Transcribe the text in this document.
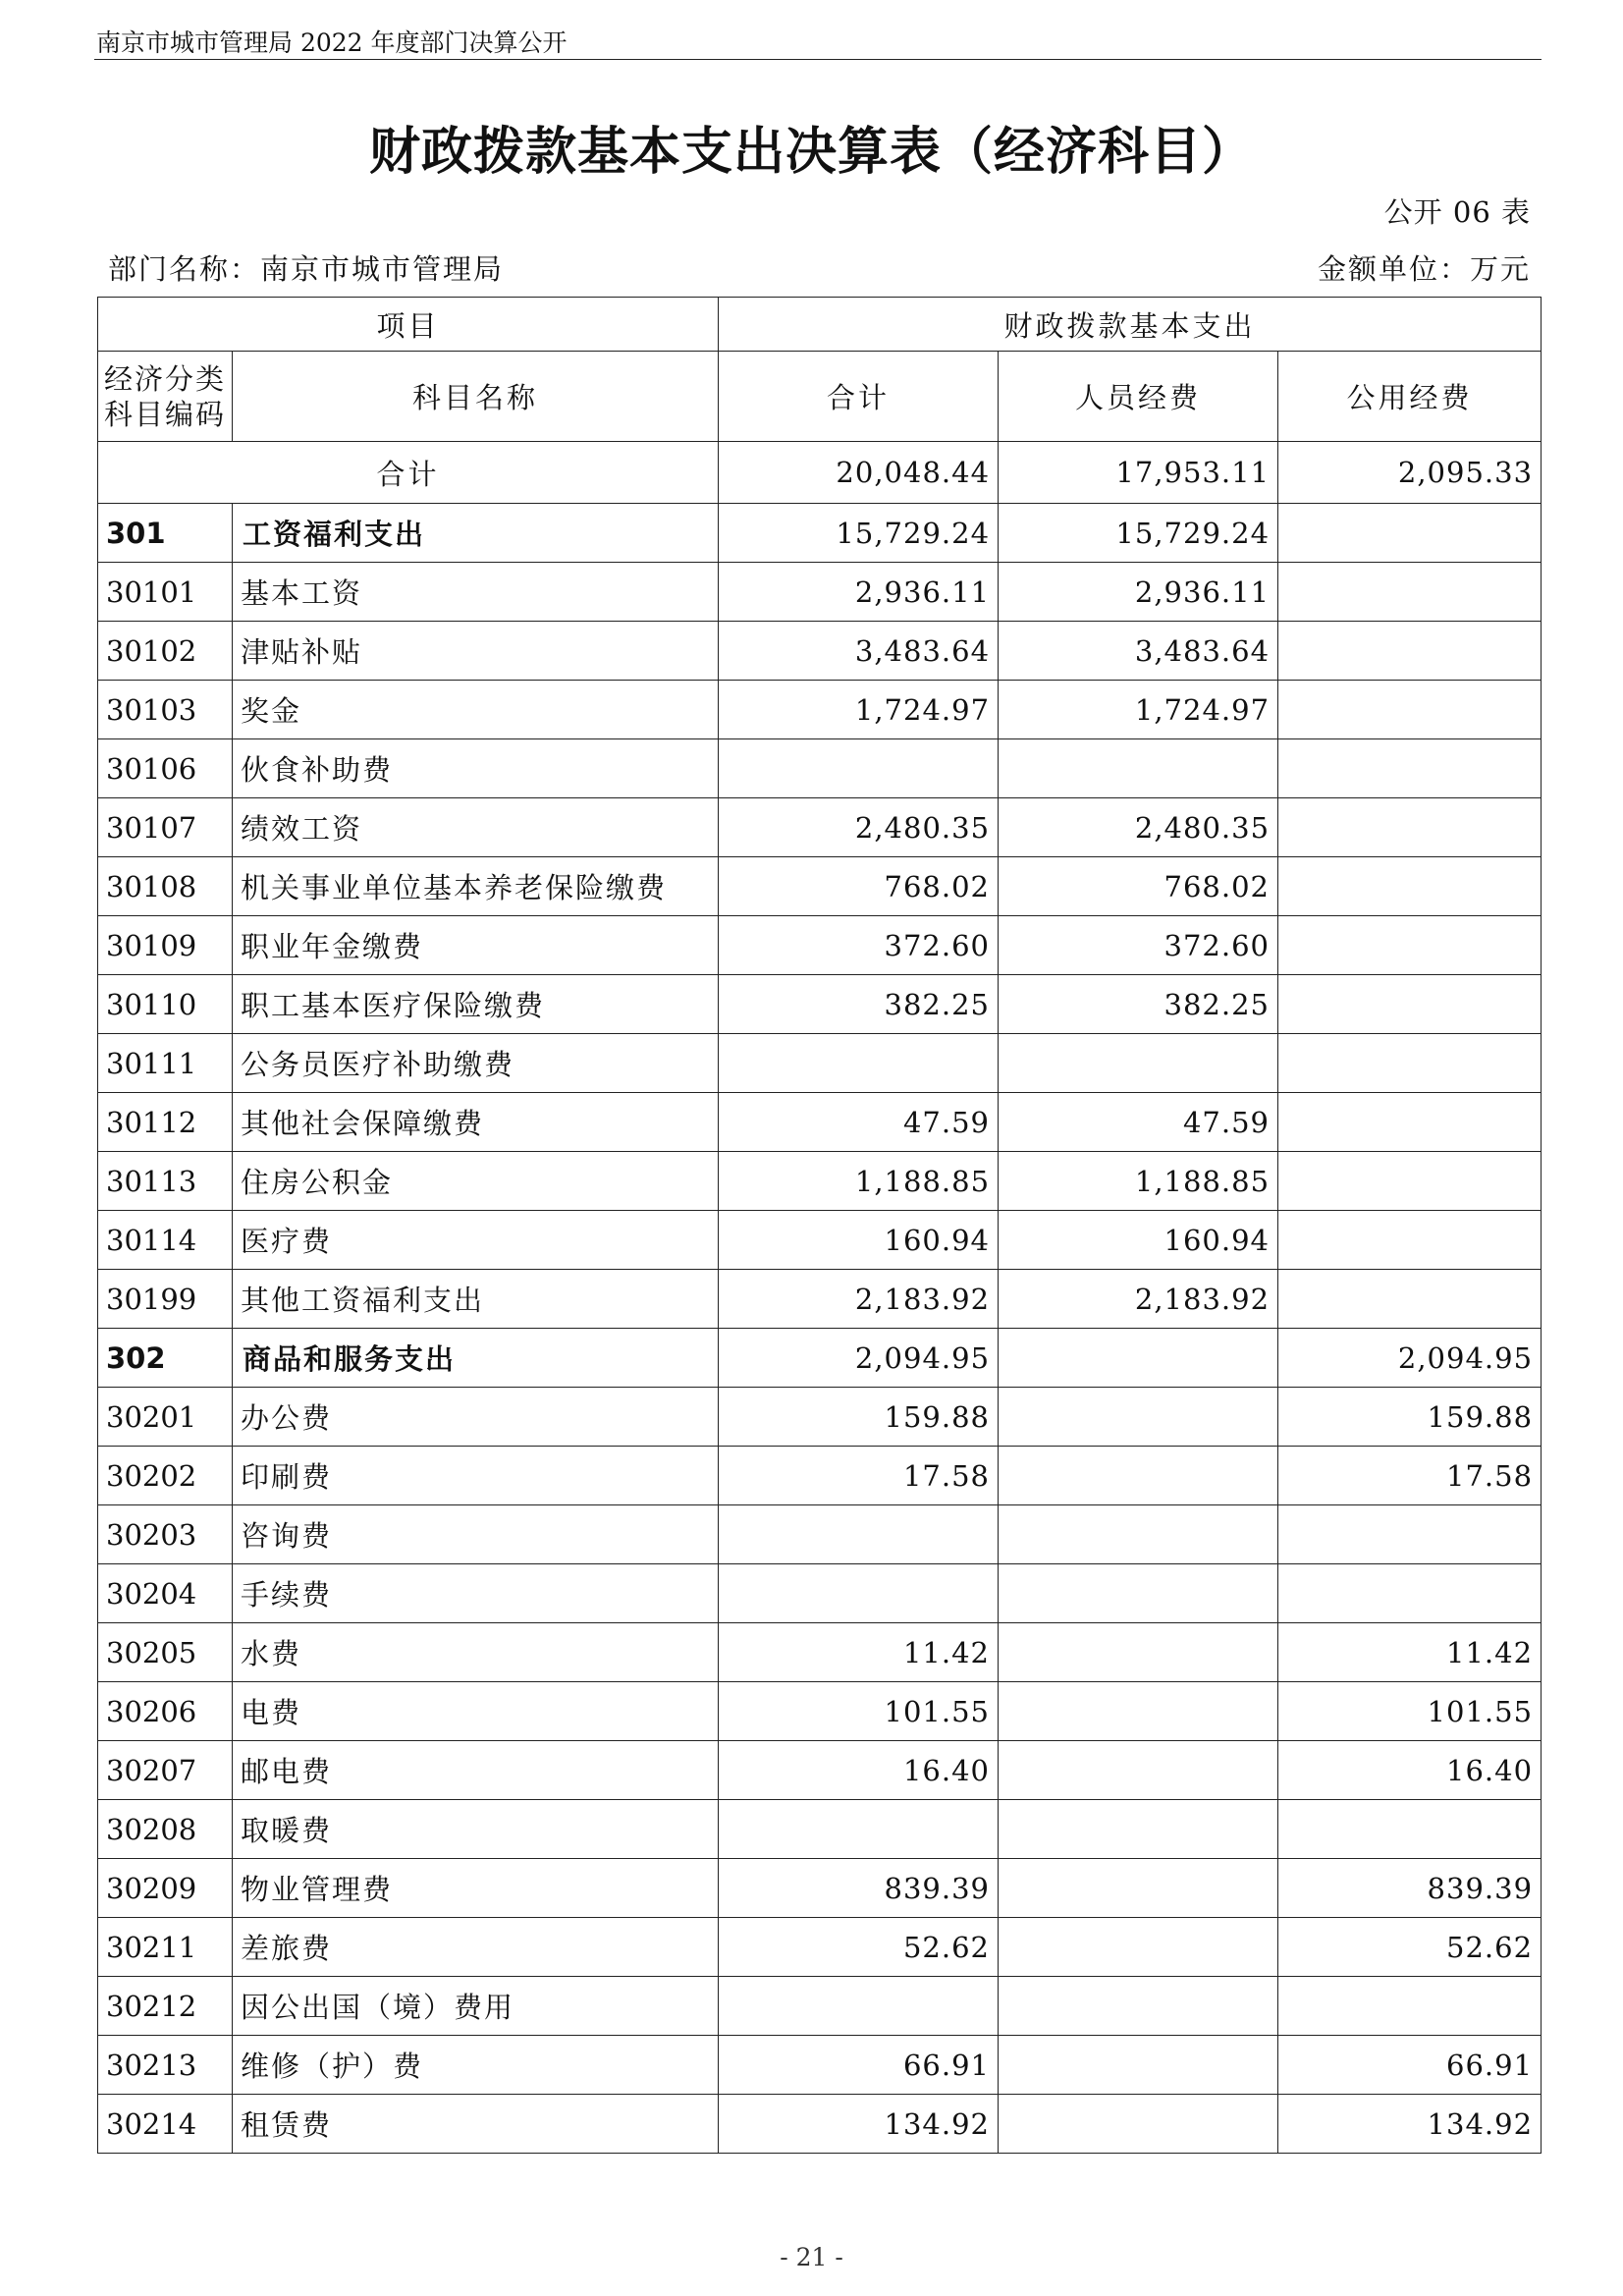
南京市城市管理局 2022 年度部门决算公开
财政拨款基本支出决算表（经济科目）
公开 06 表
部门名称：南京市城市管理局	金额单位：万元
项目		财政拨款基本支出		
经济分类科目编码	科目名称	合计	人员经费	公用经费
合计		20,048.44	17,953.11	2,095.33
301	工资福利支出	15,729.24	15,729.24	
30101	基本工资	2,936.11	2,936.11	
30102	津贴补贴	3,483.64	3,483.64	
30103	奖金	1,724.97	1,724.97	
30106	伙食补助费			
30107	绩效工资	2,480.35	2,480.35	
30108	机关事业单位基本养老保险缴费	768.02	768.02	
30109	职业年金缴费	372.60	372.60	
30110	职工基本医疗保险缴费	382.25	382.25	
30111	公务员医疗补助缴费			
30112	其他社会保障缴费	47.59	47.59	
30113	住房公积金	1,188.85	1,188.85	
30114	医疗费	160.94	160.94	
30199	其他工资福利支出	2,183.92	2,183.92	
302	商品和服务支出	2,094.95		2,094.95
30201	办公费	159.88		159.88
30202	印刷费	17.58		17.58
30203	咨询费			
30204	手续费			
30205	水费	11.42		11.42
30206	电费	101.55		101.55
30207	邮电费	16.40		16.40
30208	取暖费			
30209	物业管理费	839.39		839.39
30211	差旅费	52.62		52.62
30212	因公出国（境）费用			
30213	维修（护）费	66.91		66.91
30214	租赁费	134.92		134.92
- 21 -
